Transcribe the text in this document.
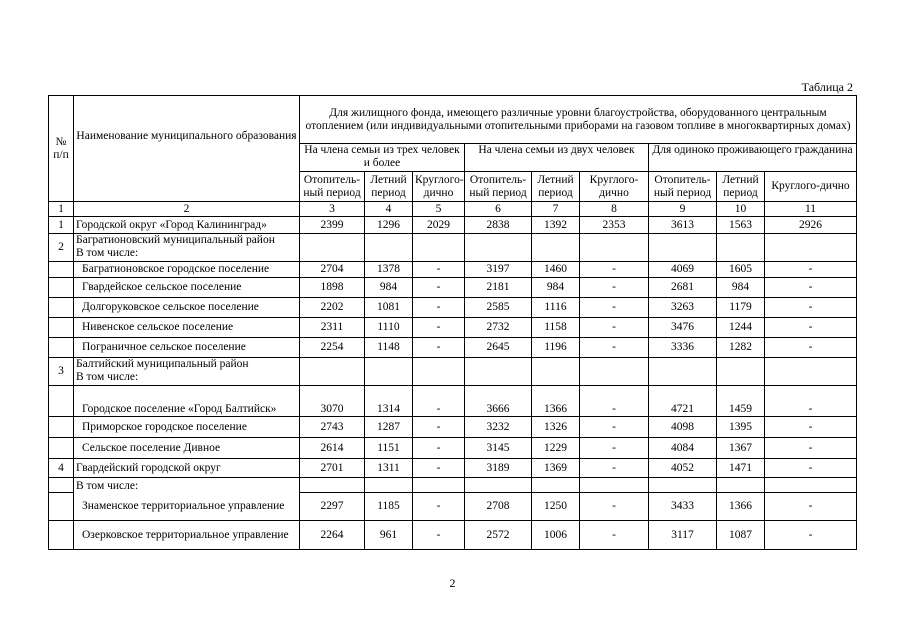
Таблица 2
№ п/п	Наименование муниципального образования	Для жилищного фонда, имеющего различные уровни благоустройства, оборудованного центральным отоплением (или индивидуальными отопительными приборами на газовом топливе в многоквартирных домах)								
		На члена семьи из трех человек и более			На члена семьи из двух человек			Для одиноко проживающего гражданина		
		Отопитель-ный период	Летний период	Круглого-дично	Отопитель-ный период	Летний период	Круглого-дично	Отопитель-ный период	Летний период	Круглого-дично
1	2	3	4	5	6	7	8	9	10	11
1	Городской округ «Город Калининград»	2399	1296	2029	2838	1392	2353	3613	1563	2926
2	Багратионовский муниципальный район
В том числе:									

	Багратионовское городское поселение	2704	1378	-	3197	1460	-	4069	1605	-
	Гвардейское сельское поселение	1898	984	-	2181	984	-	2681	984	-
	Долгоруковское сельское поселение	2202	1081	-	2585	1116	-	3263	1179	-
	Нивенское сельское поселение	2311	1110	-	2732	1158	-	3476	1244	-
	Пограничное сельское поселение	2254	1148	-	2645	1196	-	3336	1282	-
3	Балтийский муниципальный район
В том числе:									

	Городское поселение «Город Балтийск»	3070	1314	-	3666	1366	-	4721	1459	-
	Приморское городское поселение	2743	1287	-	3232	1326	-	4098	1395	-
	Сельское поселение Дивное	2614	1151	-	3145	1229	-	4084	1367	-
4	Гвардейский городской округ	2701	1311	-	3189	1369	-	4052	1471	-
	В том числе:									
	Знаменское территориальное управление	2297	1185	-	2708	1250	-	3433	1366	-
	Озерковское территориальное управление	2264	961	-	2572	1006	-	3117	1087	-
2
